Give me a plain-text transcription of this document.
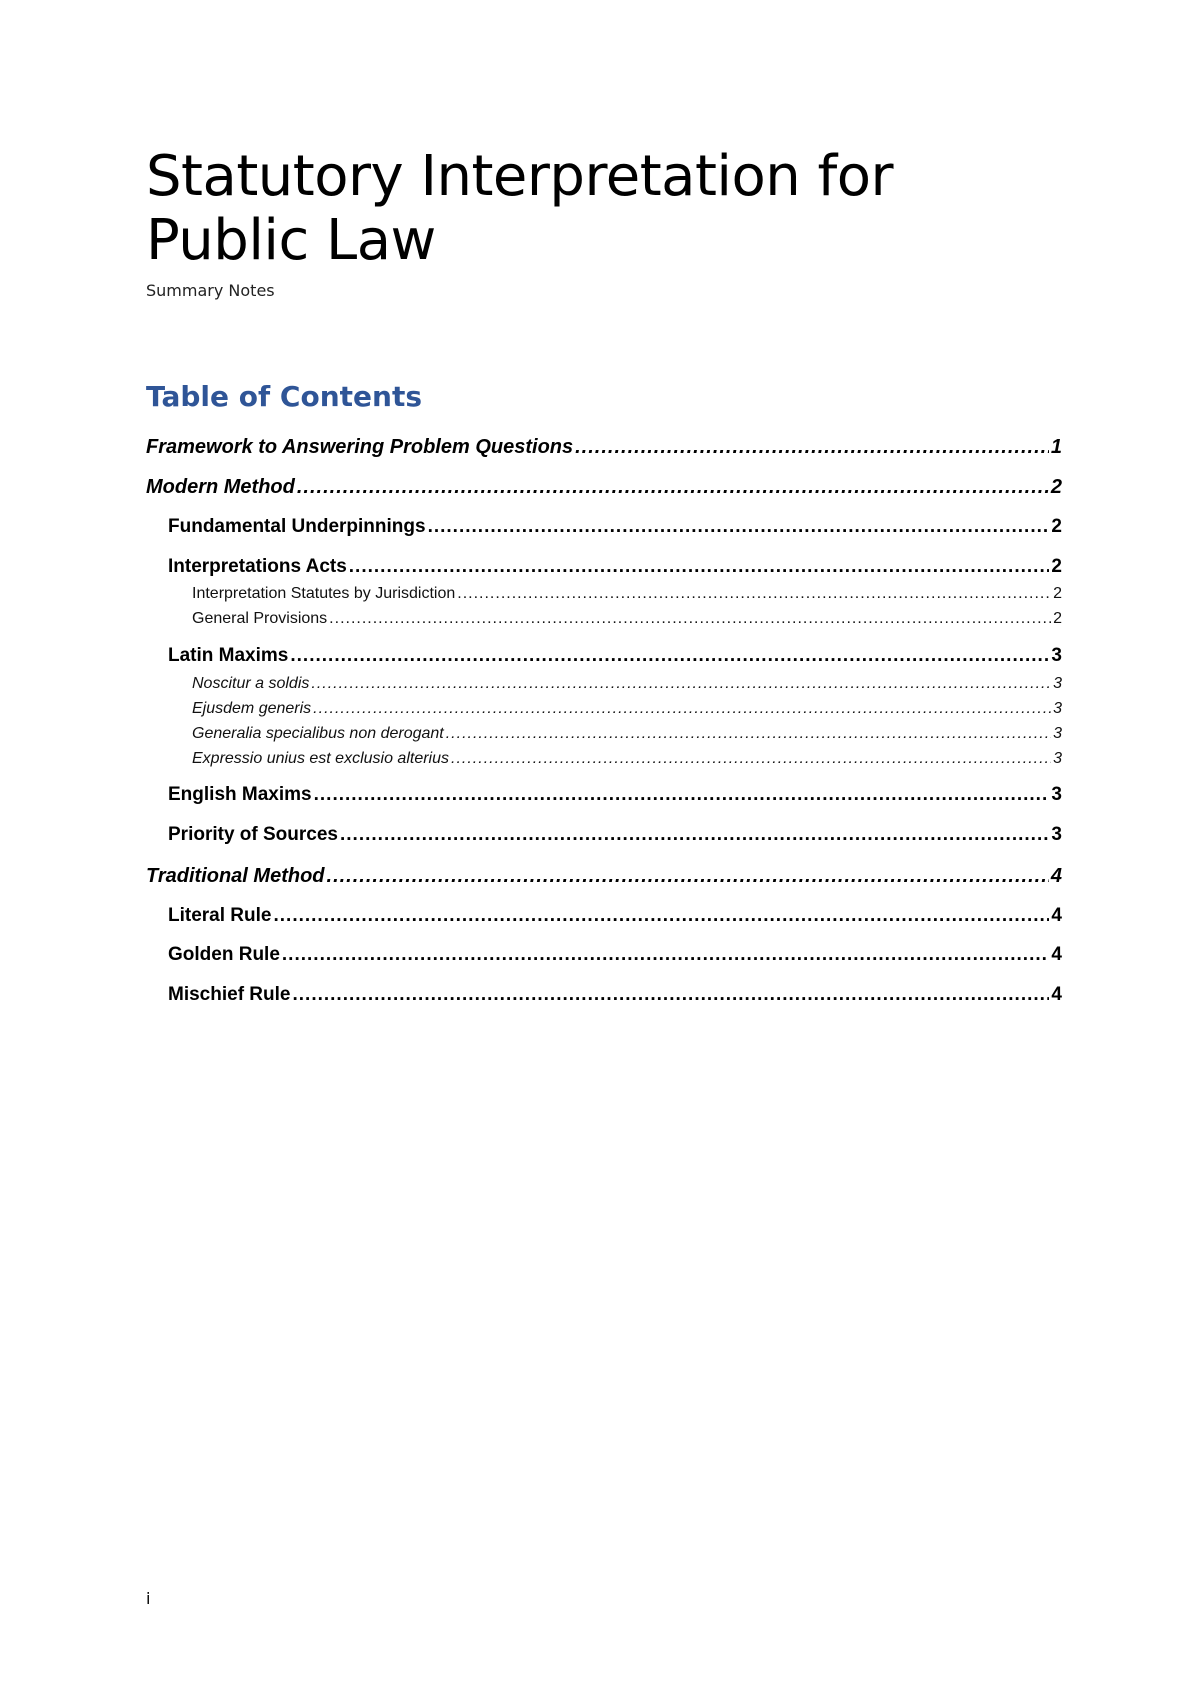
Statutory Interpretation for
Public Law
Summary Notes
Table of Contents
Framework to Answering Problem Questions .....	1
Modern Method .....	2
Fundamental Underpinnings .....	2
Interpretations Acts .....	2
Interpretation Statutes by Jurisdiction .....	2
General Provisions .....	2
Latin Maxims .....	3
Noscitur a soldis .....	3
Ejusdem generis .....	3
Generalia specialibus non derogant .....	3
Expressio unius est exclusio alterius .....	3
English Maxims .....	3
Priority of Sources .....	3
Traditional Method .....	4
Literal Rule .....	4
Golden Rule .....	4
Mischief Rule .....	4
i
